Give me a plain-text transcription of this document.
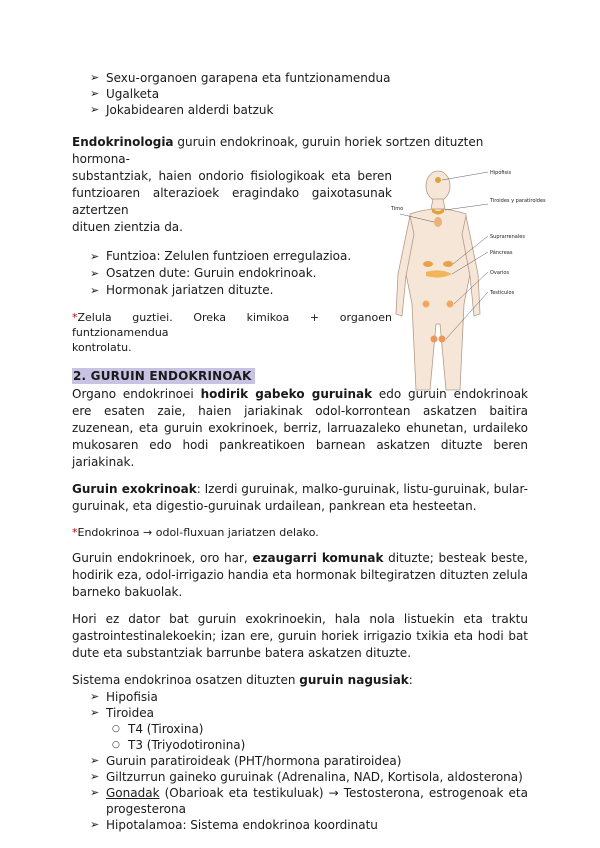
➢ Sexu-organoen garapena eta funtzionamendua
➢ Ugalketa
➢ Jokabidearen alderdi batzuk

Endokrinologia guruin endokrinoak, guruin horiek sortzen dituzten hormona-

substantziak, haien ondorio fisiologikoak eta beren

funtzioaren alterazioek eragindako gaixotasunak aztertzen

dituen zientzia da.

➢ Funtzioa: Zelulen funtzioen erregulazioa.
➢ Osatzen dute: Guruin endokrinoak.
➢ Hormonak jariatzen dituzte.

*Zelula guztiei. Oreka kimikoa + organoen funtzionamendua

kontrolatu.

Hipófisis
Tiroides y paratiroides
Timo
Suprarrenales
Páncreas
Ovarios
Testículos
2. GURUIN ENDOKRINOAK

Organo endokrinoei hodirik gabeko guruinak edo guruin endokrinoak ere esaten zaie, haien jariakinak odol-korrontean askatzen baitira zuzenean, eta guruin exokrinoek, berriz, larruazaleko ehunetan, urdaileko mukosaren edo hodi pankreatikoen barnean askatzen dituzte beren jariakinak.

Guruin exokrinoak: Izerdi guruinak, malko-guruinak, listu-guruinak, bular-guruinak, eta digestio-guruinak urdailean, pankrean eta hesteetan.

*Endokrinoa → odol-fluxuan jariatzen delako.

Guruin endokrinoek, oro har, ezaugarri komunak dituzte; besteak beste, hodirik eza, odol-irrigazio handia eta hormonak biltegiratzen dituzten zelula barneko bakuolak.

Hori ez dator bat guruin exokrinoekin, hala nola listuekin eta traktu gastrointestinalekoekin; izan ere, guruin horiek irrigazio txikia eta hodi bat dute eta substantziak barrunbe batera askatzen dituzte.

Sistema endokrinoa osatzen dituzten guruin nagusiak:

➢ Hipofisia
➢ Tiroidea
○ T4 (Tiroxina)
○ T3 (Triyodotironina)
➢ Guruin paratiroideak (PHT/hormona paratiroidea)
➢ Giltzurrun gaineko guruinak (Adrenalina, NAD, Kortisola, aldosterona)
➢ Gonadak (Obarioak eta testikuluak) → Testosterona, estrogenoak eta progesterona
➢ Hipotalamoa: Sistema endokrinoa koordinatu
